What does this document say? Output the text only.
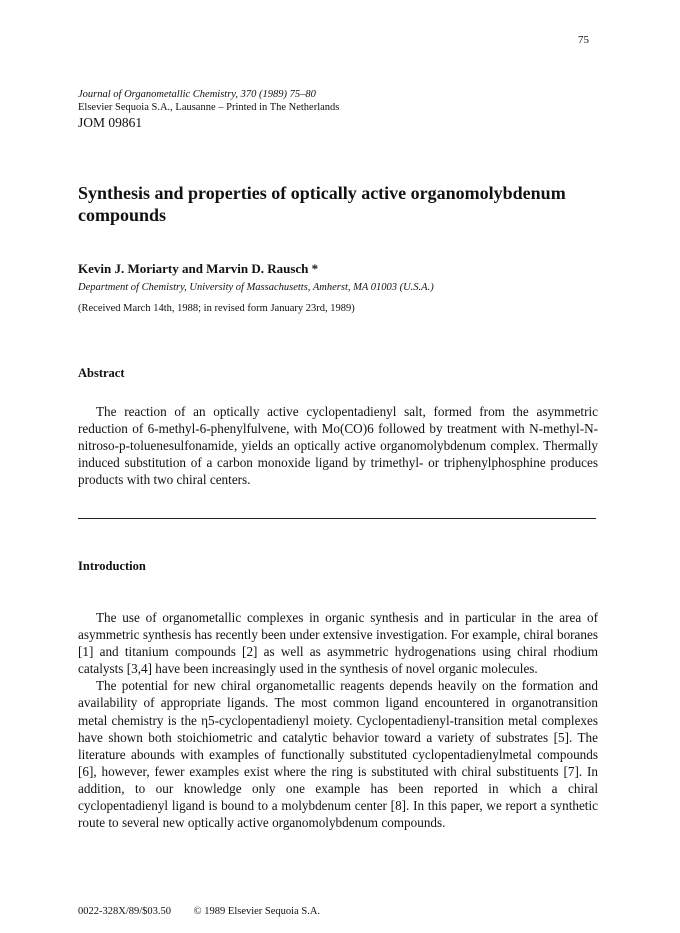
75
Journal of Organometallic Chemistry, 370 (1989) 75–80
Elsevier Sequoia S.A., Lausanne – Printed in The Netherlands
JOM 09861
Synthesis and properties of optically active organomolybdenum compounds
Kevin J. Moriarty and Marvin D. Rausch *
Department of Chemistry, University of Massachusetts, Amherst, MA 01003 (U.S.A.)
(Received March 14th, 1988; in revised form January 23rd, 1989)
Abstract

The reaction of an optically active cyclopentadienyl salt, formed from the asymmetric reduction of 6-methyl-6-phenylfulvene, with Mo(CO)6 followed by treatment with N-methyl-N-nitroso-p-toluenesulfonamide, yields an optically active organomolybdenum complex. Thermally induced substitution of a carbon monoxide ligand by trimethyl- or triphenylphosphine produces products with two chiral centers.

Introduction

The use of organometallic complexes in organic synthesis and in particular in the area of asymmetric synthesis has recently been under extensive investigation. For example, chiral boranes [1] and titanium compounds [2] as well as asymmetric hydrogenations using chiral rhodium catalysts [3,4] have been increasingly used in the synthesis of novel organic molecules.

The potential for new chiral organometallic reagents depends heavily on the formation and availability of appropriate ligands. The most common ligand encountered in organotransition metal chemistry is the η5-cyclopentadienyl moiety. Cyclopentadienyl-transition metal complexes have shown both stoichiometric and catalytic behavior toward a variety of substrates [5]. The literature abounds with examples of functionally substituted cyclopentadienylmetal compounds [6], however, fewer examples exist where the ring is substituted with chiral substituents [7]. In addition, to our knowledge only one example has been reported in which a chiral cyclopentadienyl ligand is bound to a molybdenum center [8]. In this paper, we report a synthetic route to several new optically active organomolybdenum compounds.

0022-328X/89/$03.50 © 1989 Elsevier Sequoia S.A.
